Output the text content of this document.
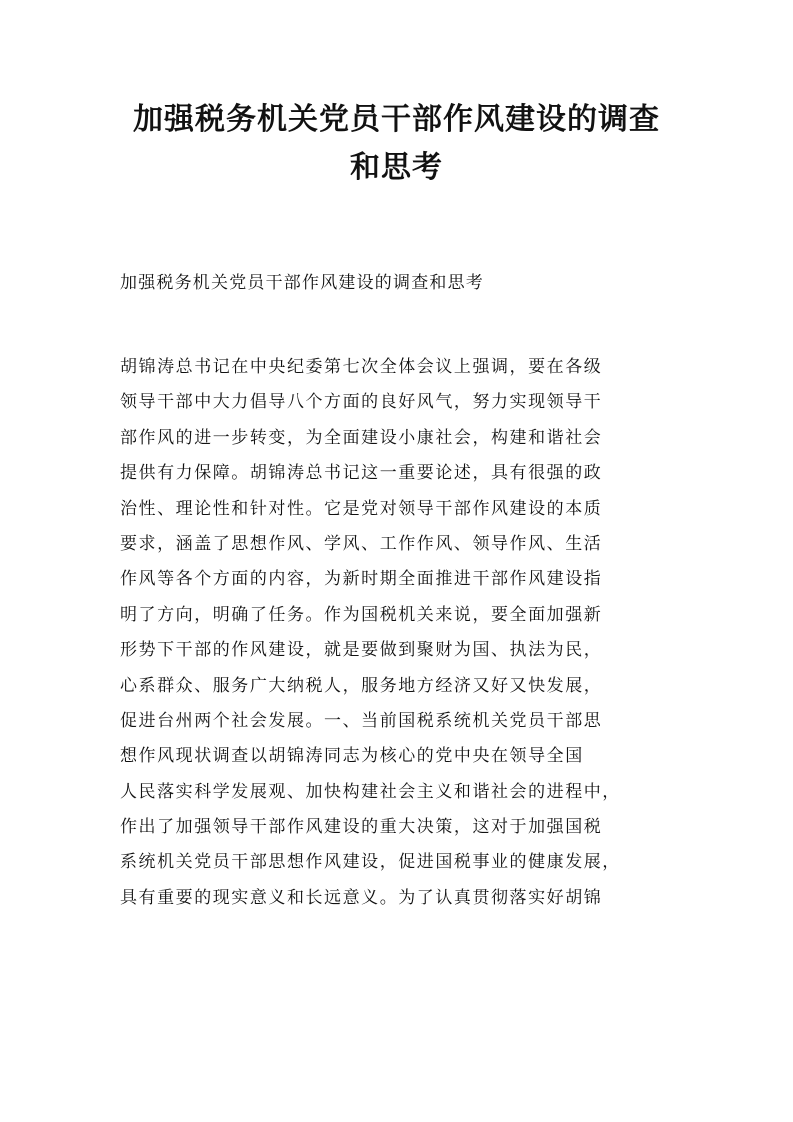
加强税务机关党员干部作风建设的调查
和思考
加强税务机关党员干部作风建设的调查和思考
胡锦涛总书记在中央纪委第七次全体会议上强调，要在各级
领导干部中大力倡导八个方面的良好风气，努力实现领导干
部作风的进一步转变，为全面建设小康社会，构建和谐社会
提供有力保障。胡锦涛总书记这一重要论述，具有很强的政
治性、理论性和针对性。它是党对领导干部作风建设的本质
要求，涵盖了思想作风、学风、工作作风、领导作风、生活
作风等各个方面的内容，为新时期全面推进干部作风建设指
明了方向，明确了任务。作为国税机关来说，要全面加强新
形势下干部的作风建设，就是要做到聚财为国、执法为民，
心系群众、服务广大纳税人，服务地方经济又好又快发展，
促进台州两个社会发展。一、当前国税系统机关党员干部思
想作风现状调查以胡锦涛同志为核心的党中央在领导全国
人民落实科学发展观、加快构建社会主义和谐社会的进程中，
作出了加强领导干部作风建设的重大决策，这对于加强国税
系统机关党员干部思想作风建设，促进国税事业的健康发展，
具有重要的现实意义和长远意义。为了认真贯彻落实好胡锦
